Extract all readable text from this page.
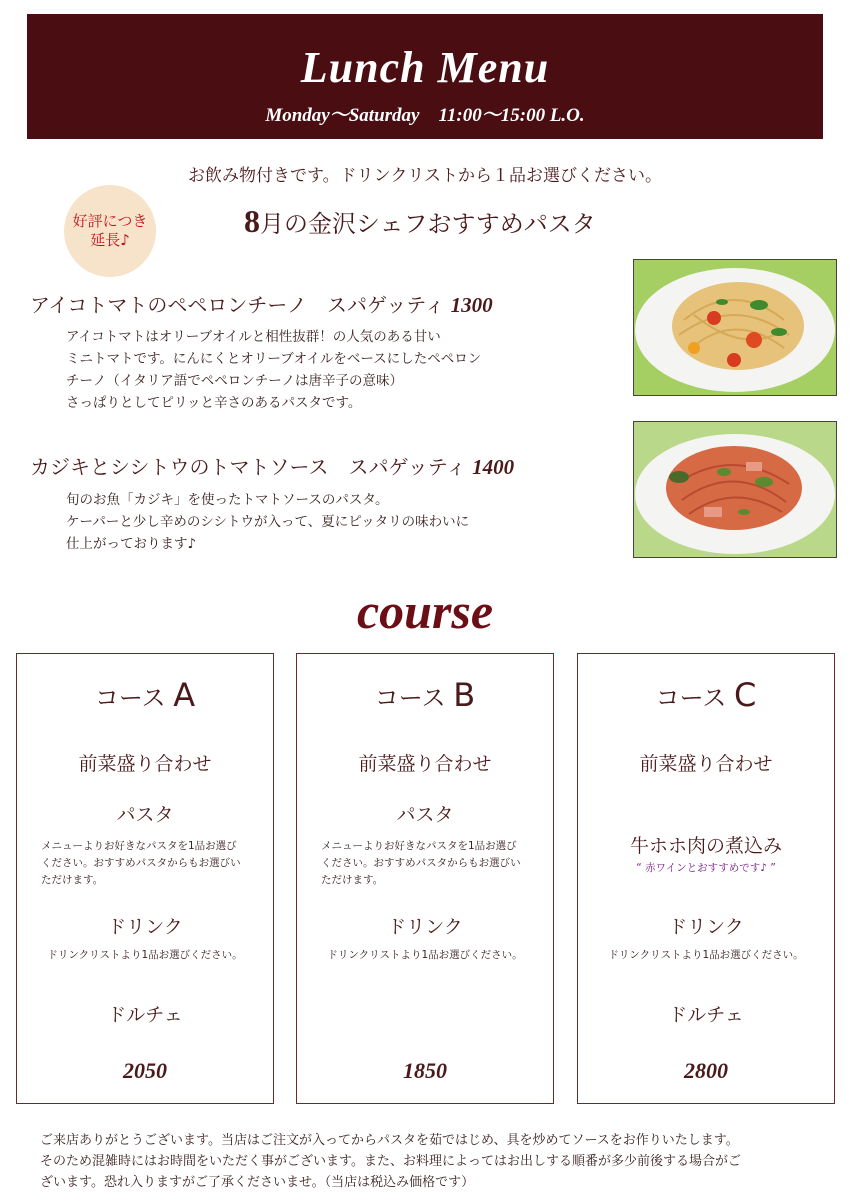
Lunch Menu
Monday～Saturday    11:00～15:00 L.O.
お飲み物付きです。ドリンクリストから１品お選びください。
好評につき
延長♪
8月の金沢シェフおすすめパスタ
アイコトマトのペペロンチーノ　スパゲッティ 1300
アイコトマトはオリーブオイルと相性抜群！の人気のある甘い
ミニトマトです。にんにくとオリーブオイルをベースにしたペペロン
チーノ（イタリア語でペペロンチーノは唐辛子の意味）
さっぱりとしてピリッと辛さのあるパスタです。
カジキとシシトウのトマトソース　スパゲッティ 1400
旬のお魚「カジキ」を使ったトマトソースのパスタ。
ケーパーと少し辛めのシシトウが入って、夏にピッタリの味わいに
仕上がっております♪
course
コース A
前菜盛り合わせ
パスタ
メニューよりお好きなパスタを1品お選び
ください。おすすめパスタからもお選びい
ただけます。
ドリンク
ドリンクリストより1品お選びください。
ドルチェ
2050
コース B
前菜盛り合わせ
パスタ
メニューよりお好きなパスタを1品お選び
ください。おすすめパスタからもお選びい
ただけます。
ドリンク
ドリンクリストより1品お選びください。
1850
コース C
前菜盛り合わせ
牛ホホ肉の煮込み
“ 赤ワインとおすすめです♪ ”
ドリンク
ドリンクリストより1品お選びください。
ドルチェ
2800
ご来店ありがとうございます。当店はご注文が入ってからパスタを茹ではじめ、具を炒めてソースをお作りいたします。
そのため混雑時にはお時間をいただく事がございます。また、お料理によってはお出しする順番が多少前後する場合がご
ざいます。恐れ入りますがご了承くださいませ。（当店は税込み価格です）
